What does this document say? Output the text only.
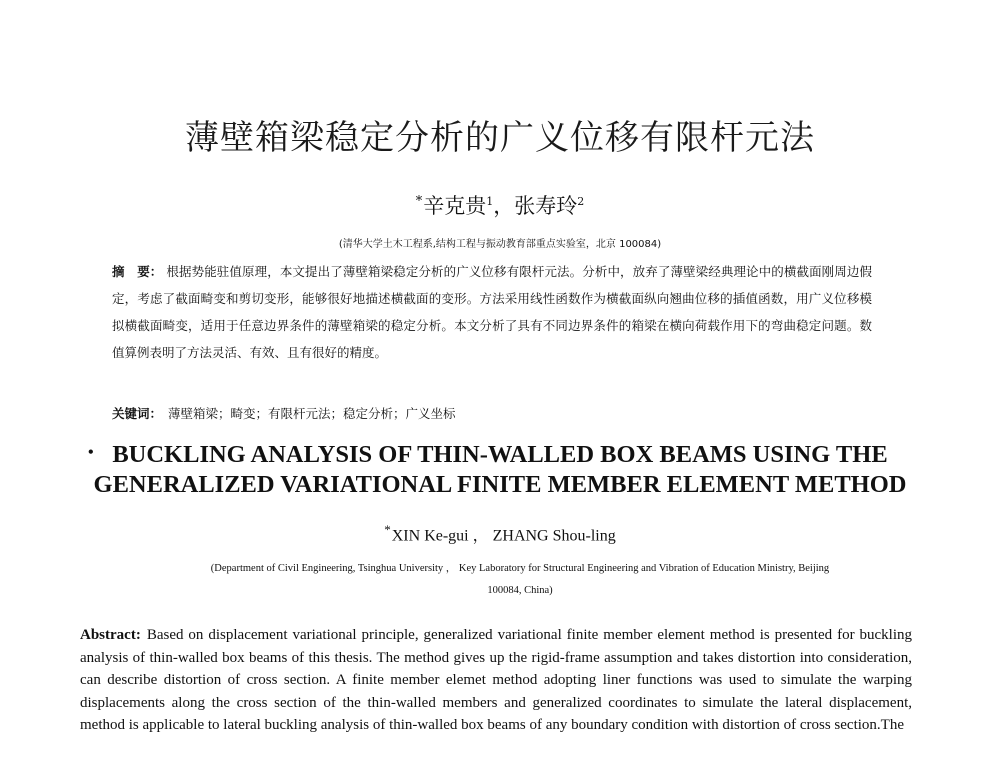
薄壁箱梁稳定分析的广义位移有限杆元法
*辛克贵$^1$，张寿玲$^2$
(清华大学土木工程系,结构工程与振动教育部重点实验室，北京 100084)
摘　要： 根据势能驻值原理，本文提出了薄壁箱梁稳定分析的广义位移有限杆元法。分析中，放弃了薄壁梁经典理论中的横截面刚周边假定，考虑了截面畸变和剪切变形，能够很好地描述横截面的变形。方法采用线性函数作为横截面纵向翘曲位移的插值函数，用广义位移模拟横截面畸变，适用于任意边界条件的薄壁箱梁的稳定分析。本文分析了具有不同边界条件的箱梁在横向荷载作用下的弯曲稳定问题。数值算例表明了方法灵活、有效、且有很好的精度。
关键词： 薄壁箱梁；畸变；有限杆元法；稳定分析；广义坐标
• BUCKLING ANALYSIS OF THIN-WALLED BOX BEAMS USING THE
GENERALIZED VARIATIONAL FINITE MEMBER ELEMENT METHOD
*XIN Ke-gui ， ZHANG Shou-ling
(Department of Civil Engineering, Tsinghua University ， Key Laboratory for Structural Engineering and Vibration of Education Ministry, Beijing
100084, China)
Abstract: Based on displacement variational principle, generalized variational finite member element method is presented for buckling analysis of thin-walled box beams of this thesis. The method gives up the rigid-frame assumption and takes distortion into consideration, can describe distortion of cross section. A finite member elemet method adopting liner functions was used to simulate the warping displacements along the cross section of the thin-walled members and generalized coordinates to simulate the lateral displacement, method is applicable to lateral buckling analysis of thin-walled box beams of any boundary condition with distortion of cross section.The
